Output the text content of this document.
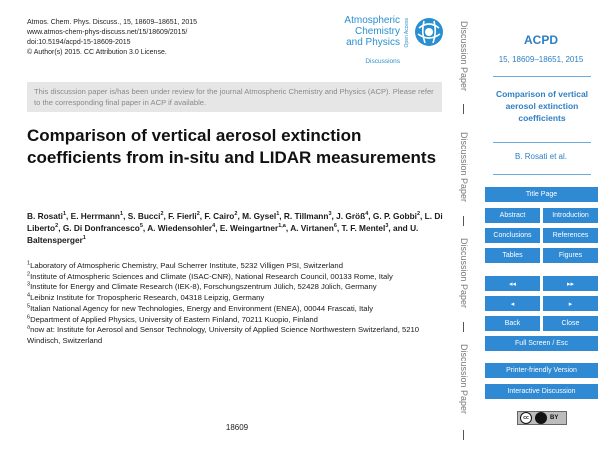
Atmos. Chem. Phys. Discuss., 15, 18609–18651, 2015
www.atmos-chem-phys-discuss.net/15/18609/2015/
doi:10.5194/acpd-15-18609-2015
© Author(s) 2015. CC Attribution 3.0 License.
Atmospheric
Chemistry
and Physics
Discussions
Open Access
This discussion paper is/has been under review for the journal Atmospheric Chemistry and Physics (ACP). Please refer to the corresponding final paper in ACP if available.
Comparison of vertical aerosol extinction coefficients from in-situ and LIDAR measurements
B. Rosati$^1$, E. Herrmann$^1$, S. Bucci$^2$, F. Fierli$^2$, F. Cairo$^2$, M. Gysel$^1$, R. Tillmann$^3$, J. Größ$^4$, G. P. Gobbi$^2$, L. Di Liberto$^2$, G. Di Donfrancesco$^5$, A. Wiedensohler$^4$, E. Weingartner$^{1,a}$, A. Virtanen$^6$, T. F. Mentel$^3$, and U. Baltensperger$^1$
$^1$Laboratory of Atmospheric Chemistry, Paul Scherrer Institute, 5232 Villigen PSI, Switzerland
$^2$Institute of Atmospheric Sciences and Climate (ISAC-CNR), National Research Council, 00133 Rome, Italy
$^3$Institute for Energy and Climate Research (IEK-8), Forschungszentrum Jülich, 52428 Jülich, Germany
$^4$Leibniz Institute for Tropospheric Research, 04318 Leipzig, Germany
$^5$Italian National Agency for new Technologies, Energy and Environment (ENEA), 00044 Frascati, Italy
$^6$Department of Applied Physics, University of Eastern Finland, 70211 Kuopio, Finland
$^a$now at: Institute for Aerosol and Sensor Technology, University of Applied Science Northwestern Switzerland, 5210 Windisch, Switzerland
18609
Discussion Paper
Discussion Paper
Discussion Paper
Discussion Paper
ACPD
15, 18609–18651, 2015
Comparison of vertical aerosol extinction coefficients
B. Rosati et al.
Title Page
Abstract	Introduction
Conclusions	References
Tables	Figures
◂◂	▸▸
◂	▸
Back	Close
Full Screen / Esc
Printer-friendly Version
Interactive Discussion
cc	BY
